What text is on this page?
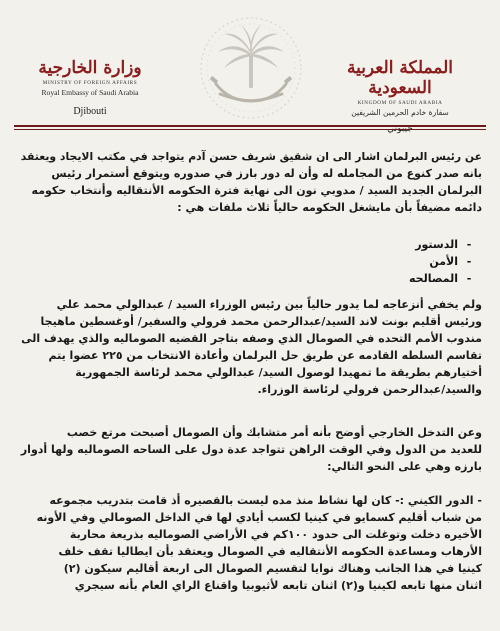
وزارة الخارجية
MINISTRY OF FOREIGN AFFAIRS
Royal Embassy of Saudi Arabia
Djibouti
المملكة العربية السعودية
KINGDOM OF SAUDI ARABIA
سفارة خادم الحرمين الشريفين
جيبوتي
عن رئيس البرلمان اشار الى ان شقيق شريف حسن آدم يتواجد في مكتب الايجاد ويعتقد
بانه صدر كنوع من المجامله له وأن له دور بارز في صدوره ويتوقع أستمرار رئيس
البرلمان الجديد السيد / مدوبي نون الى نهاية فترة الحكومه الأنتقاليه وأنتخاب حكومه
دائمه مضيفاً بأن مايشغل الحكومه حالياً ثلاث ملفات هي :
-الدستور
-الأمن
-المصالحه
ولم يخفي أنزعاجه لما يدور حالياً بين رئيس الوزراء السيد / عبدالولي محمد علي
ورئيس أقليم بونت لاند السيد/عبدالرحمن محمد فرولي والسفير/ أوغسطين ماهيجا
مندوب الأمم التحده في الصومال الذي وصفه بتاجر القضيه الصوماليه والذي يهدف الى
تقاسم السلطه القادمه عن طريق حل البرلمان وأعادة الانتخاب من ٢٢٥ عضوا يتم
أختيارهم بطريقة ما تمهيدا لوصول السيد/ عبدالولي محمد لرئاسة الجمهورية
والسيد/عبدالرحمن فرولي لرئاسة الوزراء.
وعن التدخل الخارجي أوضح بأنه أمر متشابك وأن الصومال أصبحت مرتع خصب
للعديد من الدول وفي الوقت الراهن تتواجد عدة دول على الساحه الصوماليه ولها أدوار
بارزه وهي على النحو التالي:
- الدور الكيني :- كان لها نشاط منذ مده ليست بالقصيره أذ قامت بتدريب مجموعه
من شباب أقليم كسمايو في كينيا لكسب أيادي لها في الداخل الصومالي وفي الأونه
الأخيره دخلت وتوغلت الى حدود ١٠٠كم في الأراضي الصوماليه بذريعة محاربة
الأرهاب ومساعدة الحكومه الأنتقاليه في الصومال ويعتقد بأن ايطاليا تقف خلف
كينيا في هذا الجانب وهناك نوايا لتقسيم الصومال الى اربعة أقاليم سيكون (٢)
اثنان منها تابعه لكينيا و(٢) اثنان تابعه لأثيوبيا واقناع الراي العام بأنه سيجري
